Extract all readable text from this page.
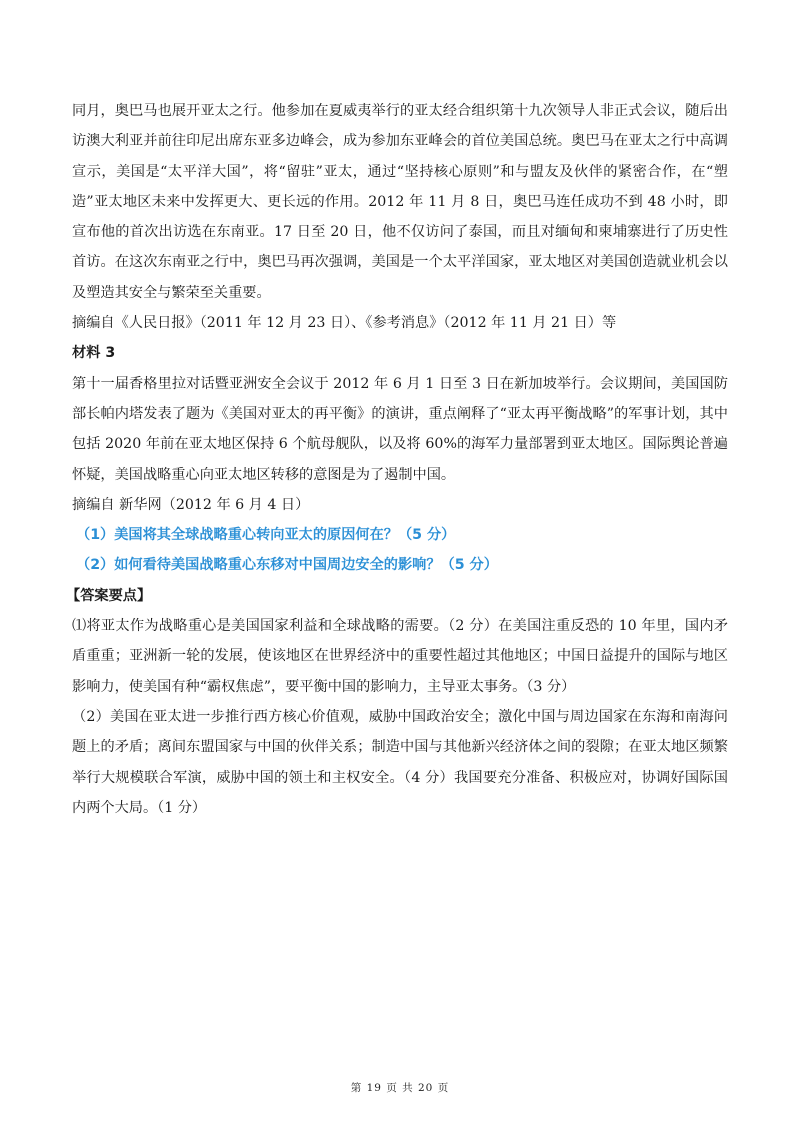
同月，奥巴马也展开亚太之行。他参加在夏威夷举行的亚太经合组织第十九次领导人非正式会议，随后出访澳大利亚并前往印尼出席东亚多边峰会，成为参加东亚峰会的首位美国总统。奥巴马在亚太之行中高调宣示，美国是“太平洋大国”，将“留驻”亚太，通过“坚持核心原则”和与盟友及伙伴的紧密合作，在“塑造”亚太地区未来中发挥更大、更长远的作用。2012 年 11 月 8 日，奥巴马连任成功不到 48 小时，即宣布他的首次出访选在东南亚。17 日至 20 日，他不仅访问了泰国，而且对缅甸和柬埔寨进行了历史性首访。在这次东南亚之行中，奥巴马再次强调，美国是一个太平洋国家，亚太地区对美国创造就业机会以及塑造其安全与繁荣至关重要。

摘编自《人民日报》（2011 年 12 月 23 日）、《参考消息》（2012 年 11 月 21 日）等

材料 3

第十一届香格里拉对话暨亚洲安全会议于 2012 年 6 月 1 日至 3 日在新加坡举行。会议期间，美国国防部长帕内塔发表了题为《美国对亚太的再平衡》的演讲，重点阐释了“亚太再平衡战略”的军事计划，其中包括 2020 年前在亚太地区保持 6 个航母舰队，以及将 60%的海军力量部署到亚太地区。国际舆论普遍怀疑，美国战略重心向亚太地区转移的意图是为了遏制中国。

摘编自 新华网（2012 年 6 月 4 日）

（1）美国将其全球战略重心转向亚太的原因何在？（5 分）

（2）如何看待美国战略重心东移对中国周边安全的影响？（5 分）

【答案要点】

⑴将亚太作为战略重心是美国国家利益和全球战略的需要。（2 分）在美国注重反恐的 10 年里，国内矛盾重重；亚洲新一轮的发展，使该地区在世界经济中的重要性超过其他地区；中国日益提升的国际与地区影响力，使美国有种“霸权焦虑”，要平衡中国的影响力，主导亚太事务。（3 分）

（2）美国在亚太进一步推行西方核心价值观，威胁中国政治安全；激化中国与周边国家在东海和南海问题上的矛盾；离间东盟国家与中国的伙伴关系；制造中国与其他新兴经济体之间的裂隙；在亚太地区频繁举行大规模联合军演，威胁中国的领土和主权安全。（4 分）我国要充分准备、积极应对，协调好国际国内两个大局。（1 分）

第 19 页 共 20 页
